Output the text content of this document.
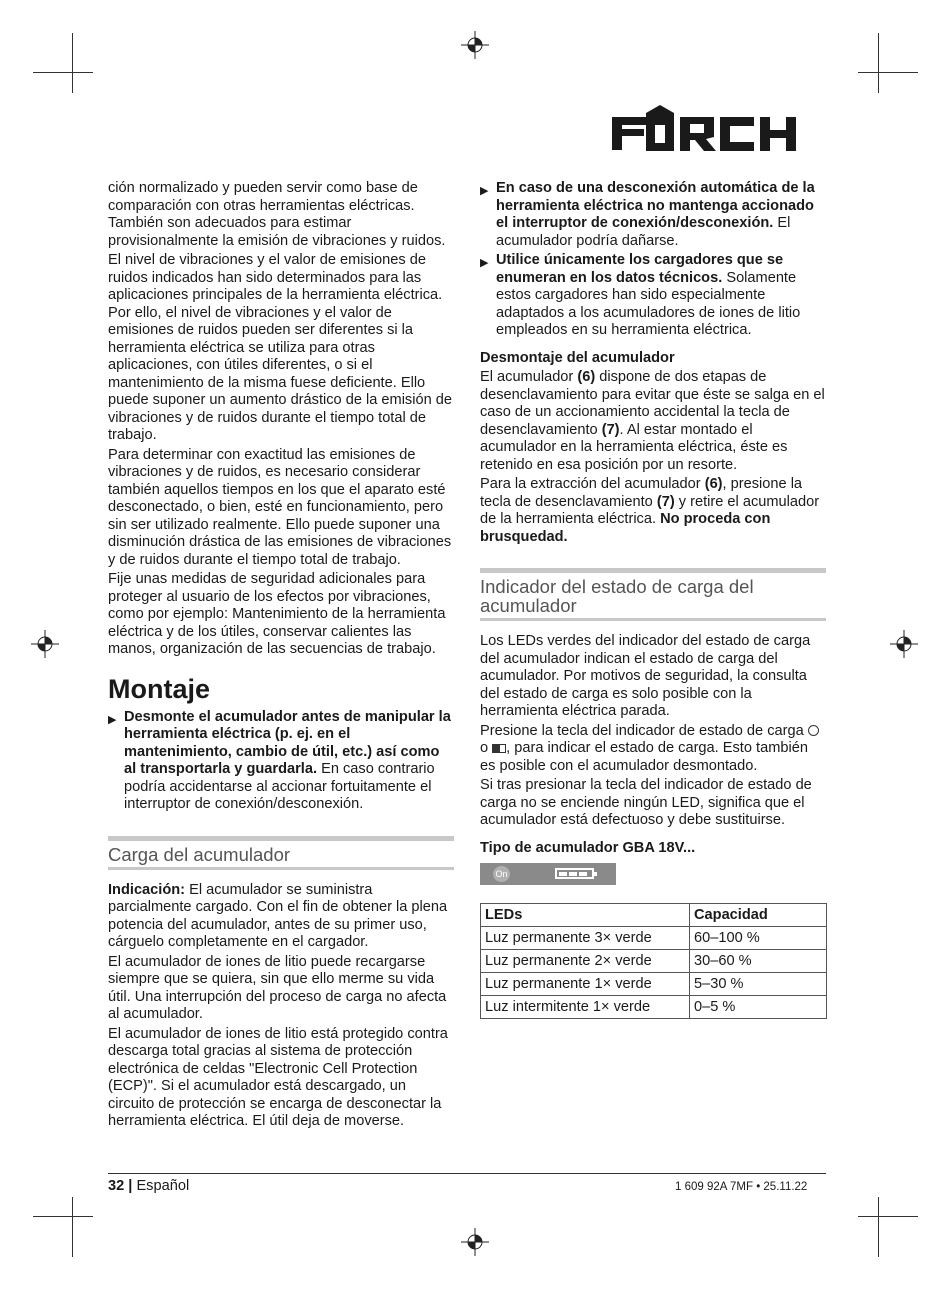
ción normalizado y pueden servir como base de comparación con otras herramientas eléctricas. También son adecuados para estimar provisionalmente la emisión de vibraciones y ruidos.

El nivel de vibraciones y el valor de emisiones de ruidos indicados han sido determinados para las aplicaciones principales de la herramienta eléctrica. Por ello, el nivel de vibraciones y el valor de emisiones de ruidos pueden ser diferentes si la herramienta eléctrica se utiliza para otras aplicaciones, con útiles diferentes, o si el mantenimiento de la misma fuese deficiente. Ello puede suponer un aumento drástico de la emisión de vibraciones y de ruidos durante el tiempo total de trabajo.

Para determinar con exactitud las emisiones de vibraciones y de ruidos, es necesario considerar también aquellos tiempos en los que el aparato esté desconectado, o bien, esté en funcionamiento, pero sin ser utilizado realmente. Ello puede suponer una disminución drástica de las emisiones de vibraciones y de ruidos durante el tiempo total de trabajo.

Fije unas medidas de seguridad adicionales para proteger al usuario de los efectos por vibraciones, como por ejemplo: Mantenimiento de la herramienta eléctrica y de los útiles, conservar calientes las manos, organización de las secuencias de trabajo.

Montaje
▶ Desmonte el acumulador antes de manipular la herramienta eléctrica (p. ej. en el mantenimiento, cambio de útil, etc.) así como al transportarla y guardarla. En caso contrario podría accidentarse al accionar fortuitamente el interruptor de conexión/desconexión.
Carga del acumulador

Indicación: El acumulador se suministra parcialmente cargado. Con el fin de obtener la plena potencia del acumulador, antes de su primer uso, cárguelo completamente en el cargador.

El acumulador de iones de litio puede recargarse siempre que se quiera, sin que ello merme su vida útil. Una interrupción del proceso de carga no afecta al acumulador.

El acumulador de iones de litio está protegido contra descarga total gracias al sistema de protección electrónica de celdas "Electronic Cell Protection (ECP)". Si el acumulador está descargado, un circuito de protección se encarga de desconectar la herramienta eléctrica. El útil deja de moverse.

▶ En caso de una desconexión automática de la herramienta eléctrica no mantenga accionado el interruptor de conexión/desconexión. El acumulador podría dañarse.
▶ Utilice únicamente los cargadores que se enumeran en los datos técnicos. Solamente estos cargadores han sido especialmente adaptados a los acumuladores de iones de litio empleados en su herramienta eléctrica.
Desmontaje del acumulador

El acumulador (6) dispone de dos etapas de desenclavamiento para evitar que éste se salga en el caso de un accionamiento accidental la tecla de desenclavamiento (7). Al estar montado el acumulador en la herramienta eléctrica, éste es retenido en esa posición por un resorte.

Para la extracción del acumulador (6), presione la tecla de desenclavamiento (7) y retire el acumulador de la herramienta eléctrica. No proceda con brusquedad.

Indicador del estado de carga del acumulador

Los LEDs verdes del indicador del estado de carga del acumulador indican el estado de carga del acumulador. Por motivos de seguridad, la consulta del estado de carga es solo posible con la herramienta eléctrica parada.

Presione la tecla del indicador de estado de carga  o , para indicar el estado de carga. Esto también es posible con el acumulador desmontado.

Si tras presionar la tecla del indicador de estado de carga no se enciende ningún LED, significa que el acumulador está defectuoso y debe sustituirse.

Tipo de acumulador GBA 18V...
On
LEDs	Capacidad
Luz permanente 3× verde	60–100 %
Luz permanente 2× verde	30–60 %
Luz permanente 1× verde	5–30 %
Luz intermitente 1× verde	0–5 %
32 | Español	1 609 92A 7MF • 25.11.22
